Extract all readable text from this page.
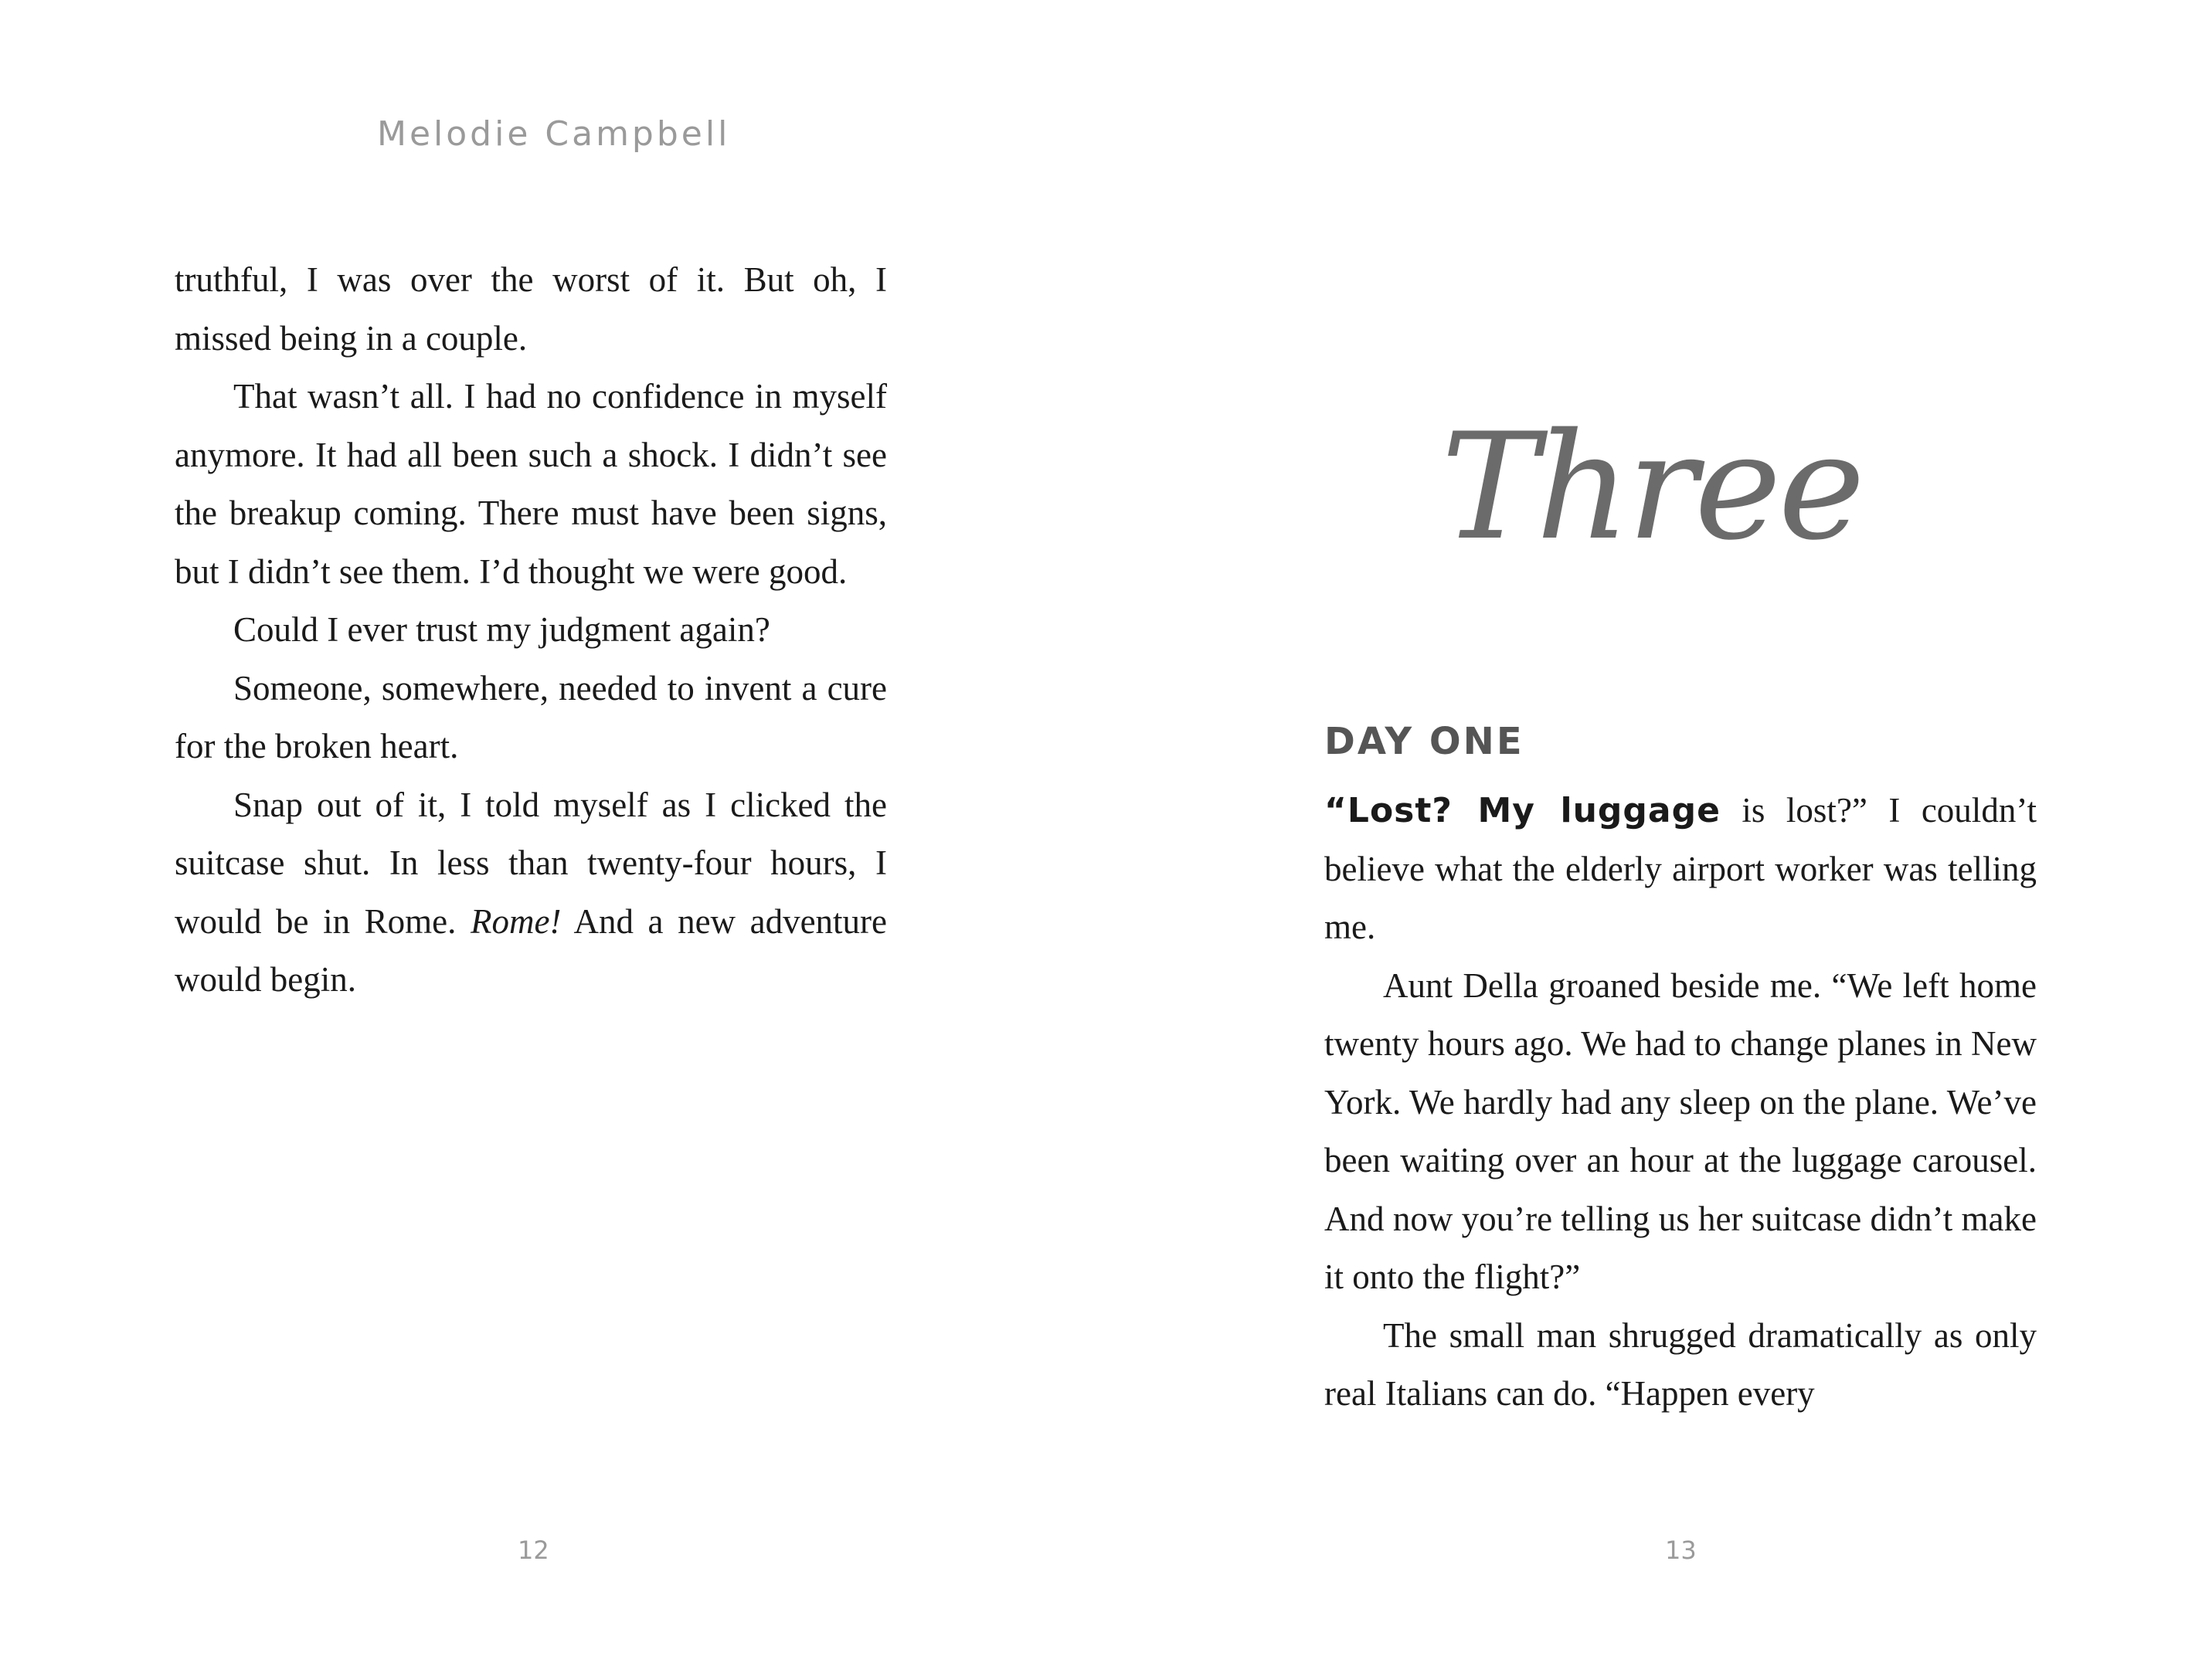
Melodie Campbell

truthful, I was over the worst of it. But oh, I missed being in a couple.

That wasn’t all. I had no confidence in myself anymore. It had all been such a shock. I didn’t see the breakup coming. There must have been signs, but I didn’t see them. I’d thought we were good.

Could I ever trust my judgment again?

Someone, somewhere, needed to invent a cure for the broken heart.

Snap out of it, I told myself as I clicked the suitcase shut. In less than twenty-four hours, I would be in Rome. Rome! And a new adventure would begin.

12
Three
DAY ONE

“Lost? My luggage is lost?” I couldn’t believe what the elderly airport worker was telling me.

Aunt Della groaned beside me. “We left home twenty hours ago. We had to change planes in New York. We hardly had any sleep on the plane. We’ve been waiting over an hour at the luggage carousel. And now you’re telling us her suitcase didn’t make it onto the flight?”

The small man shrugged dramatically as only real Italians can do. “Happen every

13
